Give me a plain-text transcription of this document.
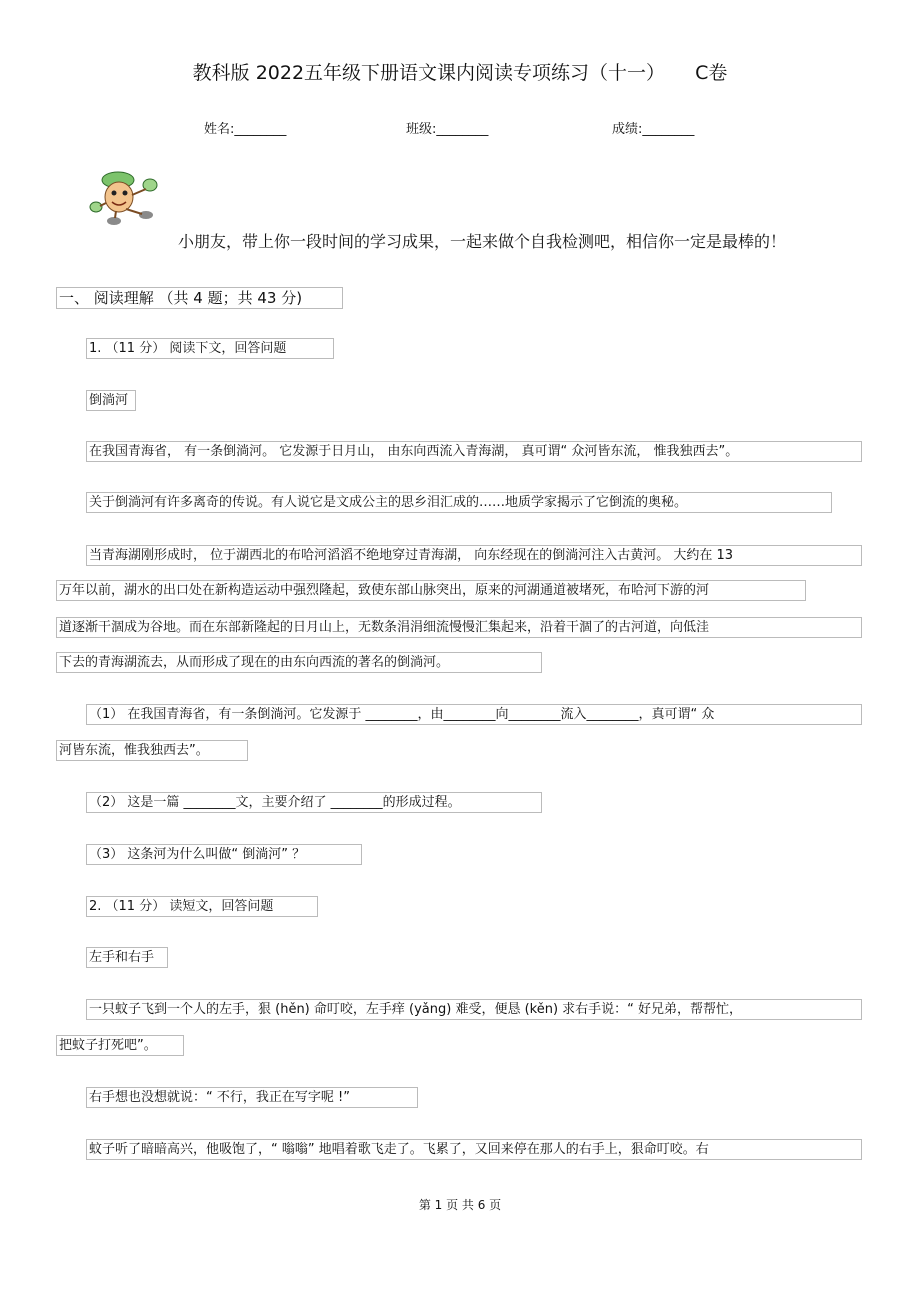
教科版 2022五年级下册语文课内阅读专项练习（十一） C卷
姓名:________	班级:________	成绩:________
小朋友，带上你一段时间的学习成果，一起来做个自我检测吧，相信你一定是最棒的！
一、 阅读理解 （共 4 题；共 43 分)
1. （11 分） 阅读下文，回答问题
倒淌河
在我国青海省， 有一条倒淌河。 它发源于日月山， 由东向西流入青海湖， 真可谓“ 众河皆东流， 惟我独西去”。
关于倒淌河有许多离奇的传说。有人说它是文成公主的思乡泪汇成的……地质学家揭示了它倒流的奥秘。
当青海湖刚形成时， 位于湖西北的布哈河滔滔不绝地穿过青海湖， 向东经现在的倒淌河注入古黄河。 大约在 13
万年以前，湖水的出口处在新构造运动中强烈隆起，致使东部山脉突出，原来的河湖通道被堵死，布哈河下游的河
道逐渐干涸成为谷地。而在东部新隆起的日月山上，无数条涓涓细流慢慢汇集起来，沿着干涸了的古河道，向低洼
下去的青海湖流去，从而形成了现在的由东向西流的著名的倒淌河。
（1） 在我国青海省，有一条倒淌河。它发源于 ________，由________向________流入________，真可谓“ 众
河皆东流，惟我独西去”。
（2） 这是一篇 ________文，主要介绍了 ________的形成过程。
（3） 这条河为什么叫做“ 倒淌河” ？
2. （11 分） 读短文，回答问题
左手和右手
一只蚊子飞到一个人的左手，狠 (hěn) 命叮咬，左手痒 (yǎng) 难受，便恳 (kěn) 求右手说：“ 好兄弟，帮帮忙，
把蚊子打死吧”。
右手想也没想就说：“ 不行，我正在写字呢 !”
蚊子听了暗暗高兴，他吸饱了，“ 嗡嗡” 地唱着歌飞走了。飞累了，又回来停在那人的右手上，狠命叮咬。右
第 1 页 共 6 页
